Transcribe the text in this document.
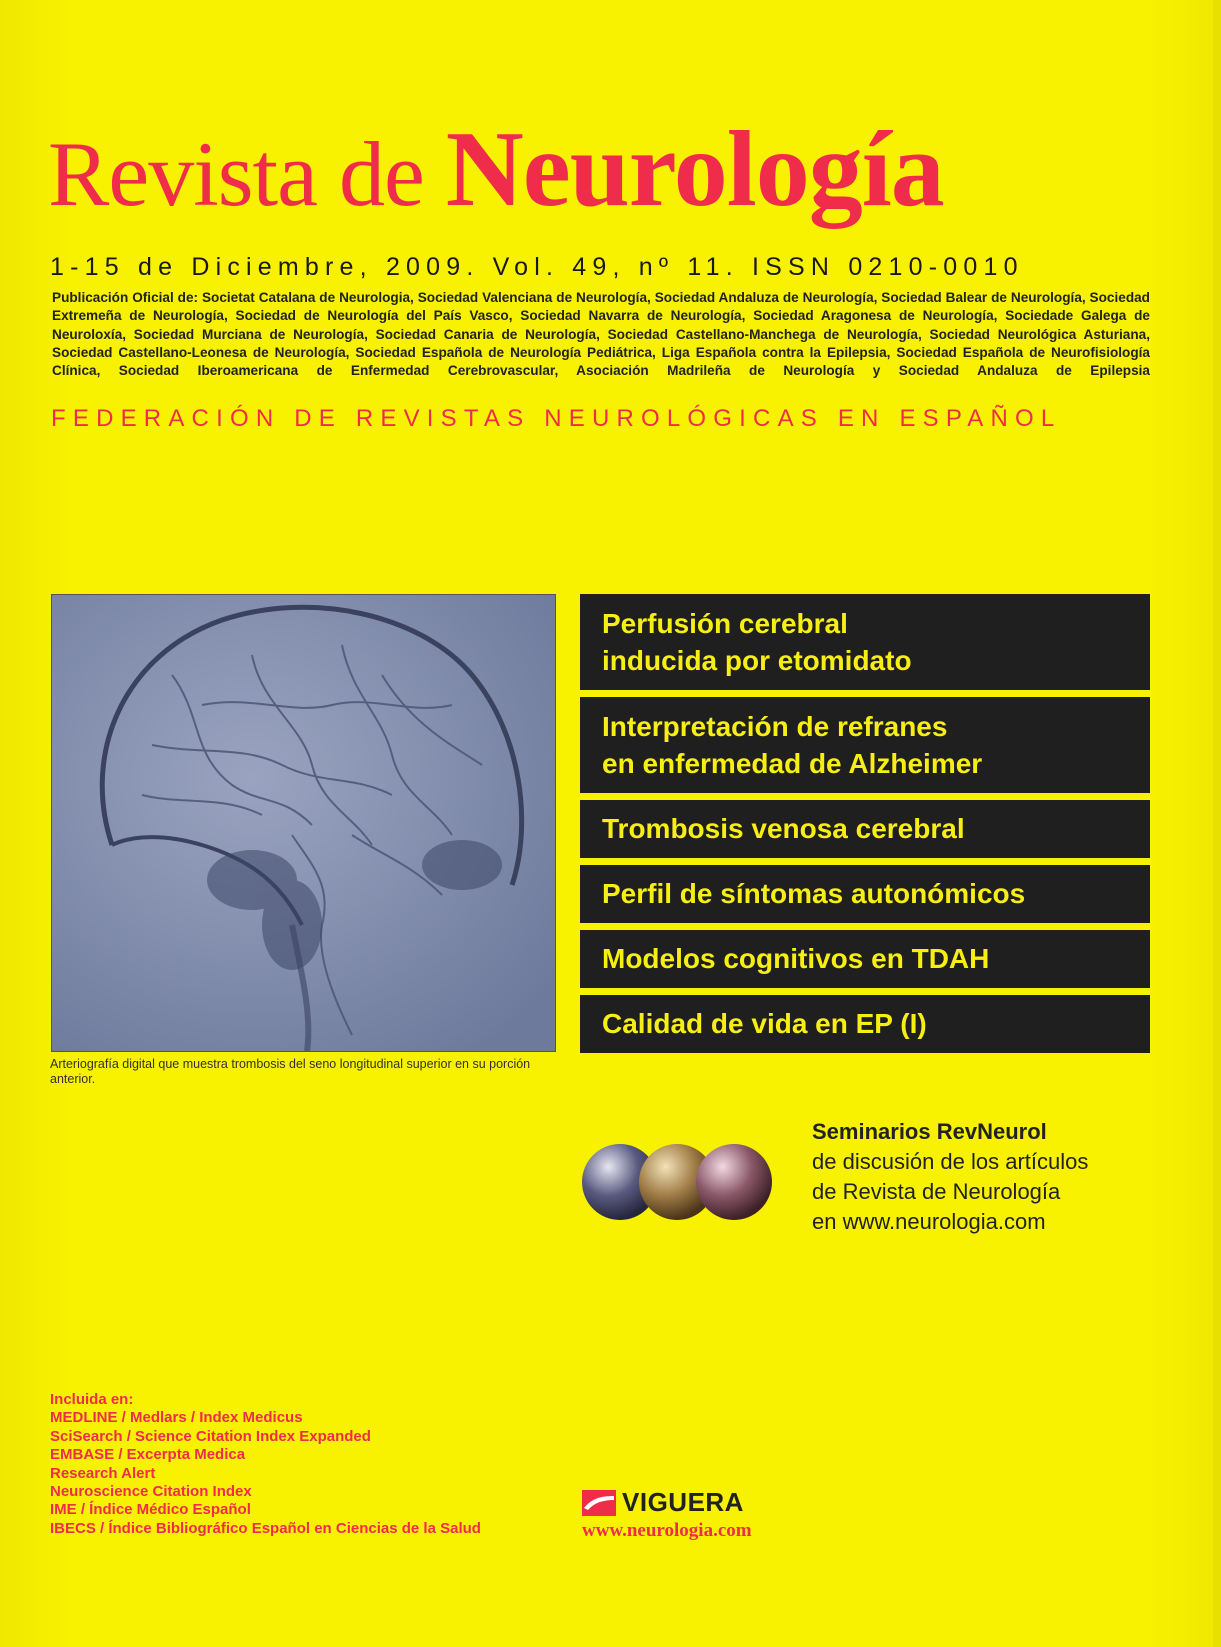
Revista de Neurología
1-15 de Diciembre, 2009. Vol. 49, nº 11. ISSN 0210-0010
Publicación Oficial de: Societat Catalana de Neurologia, Sociedad Valenciana de Neurología, Sociedad Andaluza de Neurología, Sociedad Balear de Neurología, Sociedad Extremeña de Neurología, Sociedad de Neurología del País Vasco, Sociedad Navarra de Neurología, Sociedad Aragonesa de Neurología, Sociedade Galega de Neuroloxía, Sociedad Murciana de Neurología, Sociedad Canaria de Neurología, Sociedad Castellano-Manchega de Neurología, Sociedad Neurológica Asturiana, Sociedad Castellano-Leonesa de Neurología, Sociedad Española de Neurología Pediátrica, Liga Española contra la Epilepsia, Sociedad Española de Neurofisiología Clínica, Sociedad Iberoamericana de Enfermedad Cerebrovascular, Asociación Madrileña de Neurología y Sociedad Andaluza de Epilepsia
FEDERACIÓN DE REVISTAS NEUROLÓGICAS EN ESPAÑOL
Arteriografía digital que muestra trombosis del seno longitudinal superior en su porción anterior.
Perfusión cerebral
inducida por etomidato
Interpretación de refranes
en enfermedad de Alzheimer
Trombosis venosa cerebral
Perfil de síntomas autonómicos
Modelos cognitivos en TDAH
Calidad de vida en EP (I)
Seminarios RevNeurol
de discusión de los artículos
de Revista de Neurología
en www.neurologia.com
Incluida en:
MEDLINE / Medlars / Index Medicus
SciSearch / Science Citation Index Expanded
EMBASE / Excerpta Medica
Research Alert
Neuroscience Citation Index
IME / Índice Médico Español
IBECS / Índice Bibliográfico Español en Ciencias de la Salud
VIGUERA
www.neurologia.com
